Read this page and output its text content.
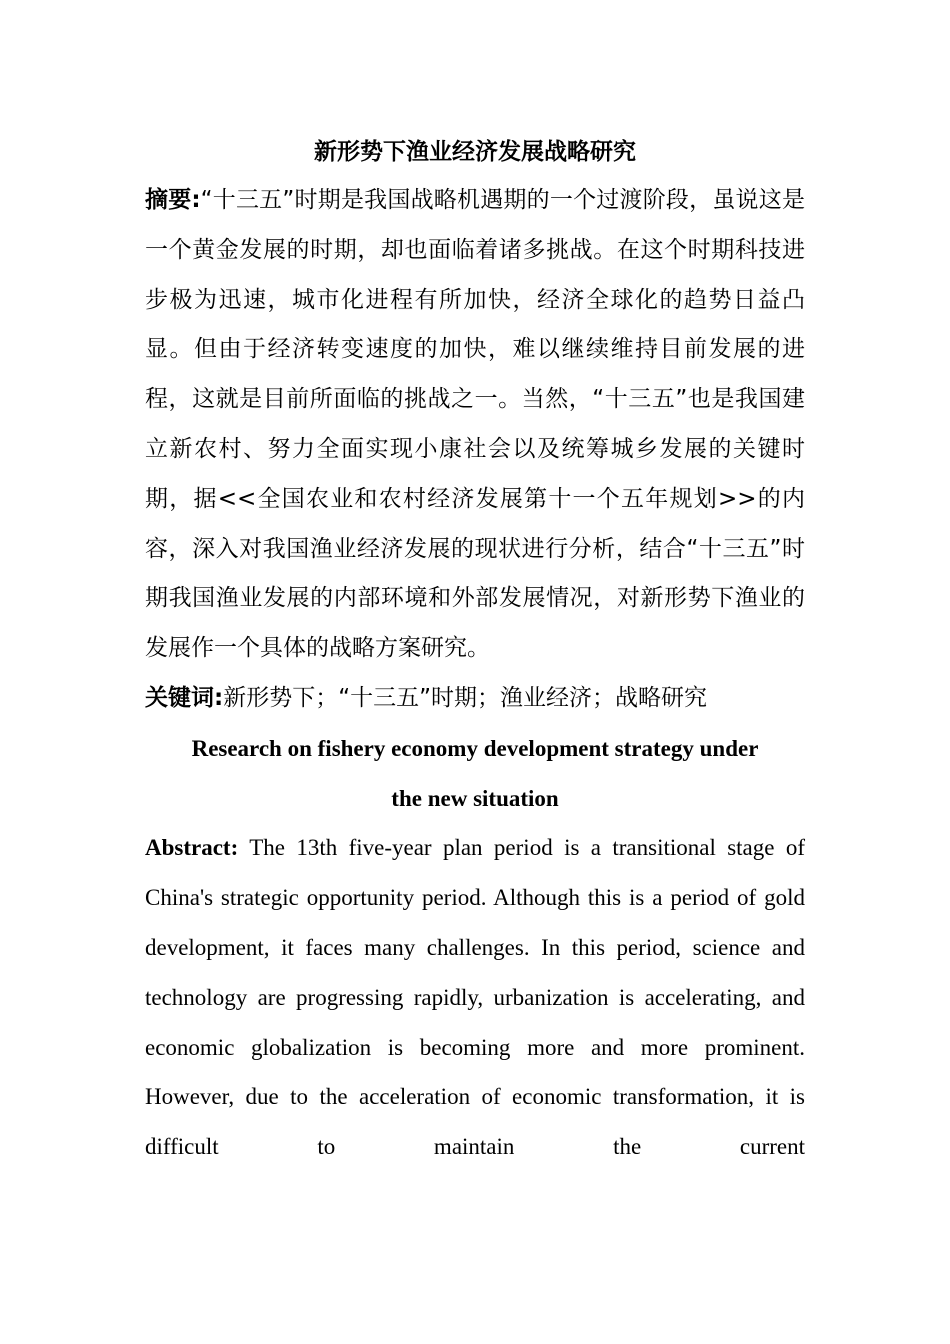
新形势下渔业经济发展战略研究

摘要:“十三五”时期是我国战略机遇期的一个过渡阶段，虽说这是一个黄金发展的时期，却也面临着诸多挑战。在这个时期科技进步极为迅速，城市化进程有所加快，经济全球化的趋势日益凸显。但由于经济转变速度的加快，难以继续维持目前发展的进程，这就是目前所面临的挑战之一。当然，“十三五”也是我国建立新农村、努力全面实现小康社会以及统筹城乡发展的关键时期，据<<全国农业和农村经济发展第十一个五年规划>>的内容，深入对我国渔业经济发展的现状进行分析，结合“十三五”时期我国渔业发展的内部环境和外部发展情况，对新形势下渔业的发展作一个具体的战略方案研究。

关键词:新形势下；“十三五”时期；渔业经济；战略研究

Research on fishery economy development strategy under
the new situation

Abstract: The 13th five-year plan period is a transitional stage of China's strategic opportunity period. Although this is a period of gold development, it faces many challenges. In this period, science and technology are progressing rapidly, urbanization is accelerating, and economic globalization is becoming more and more prominent. However, due to the acceleration of economic transformation, it is difficult to maintain the current
